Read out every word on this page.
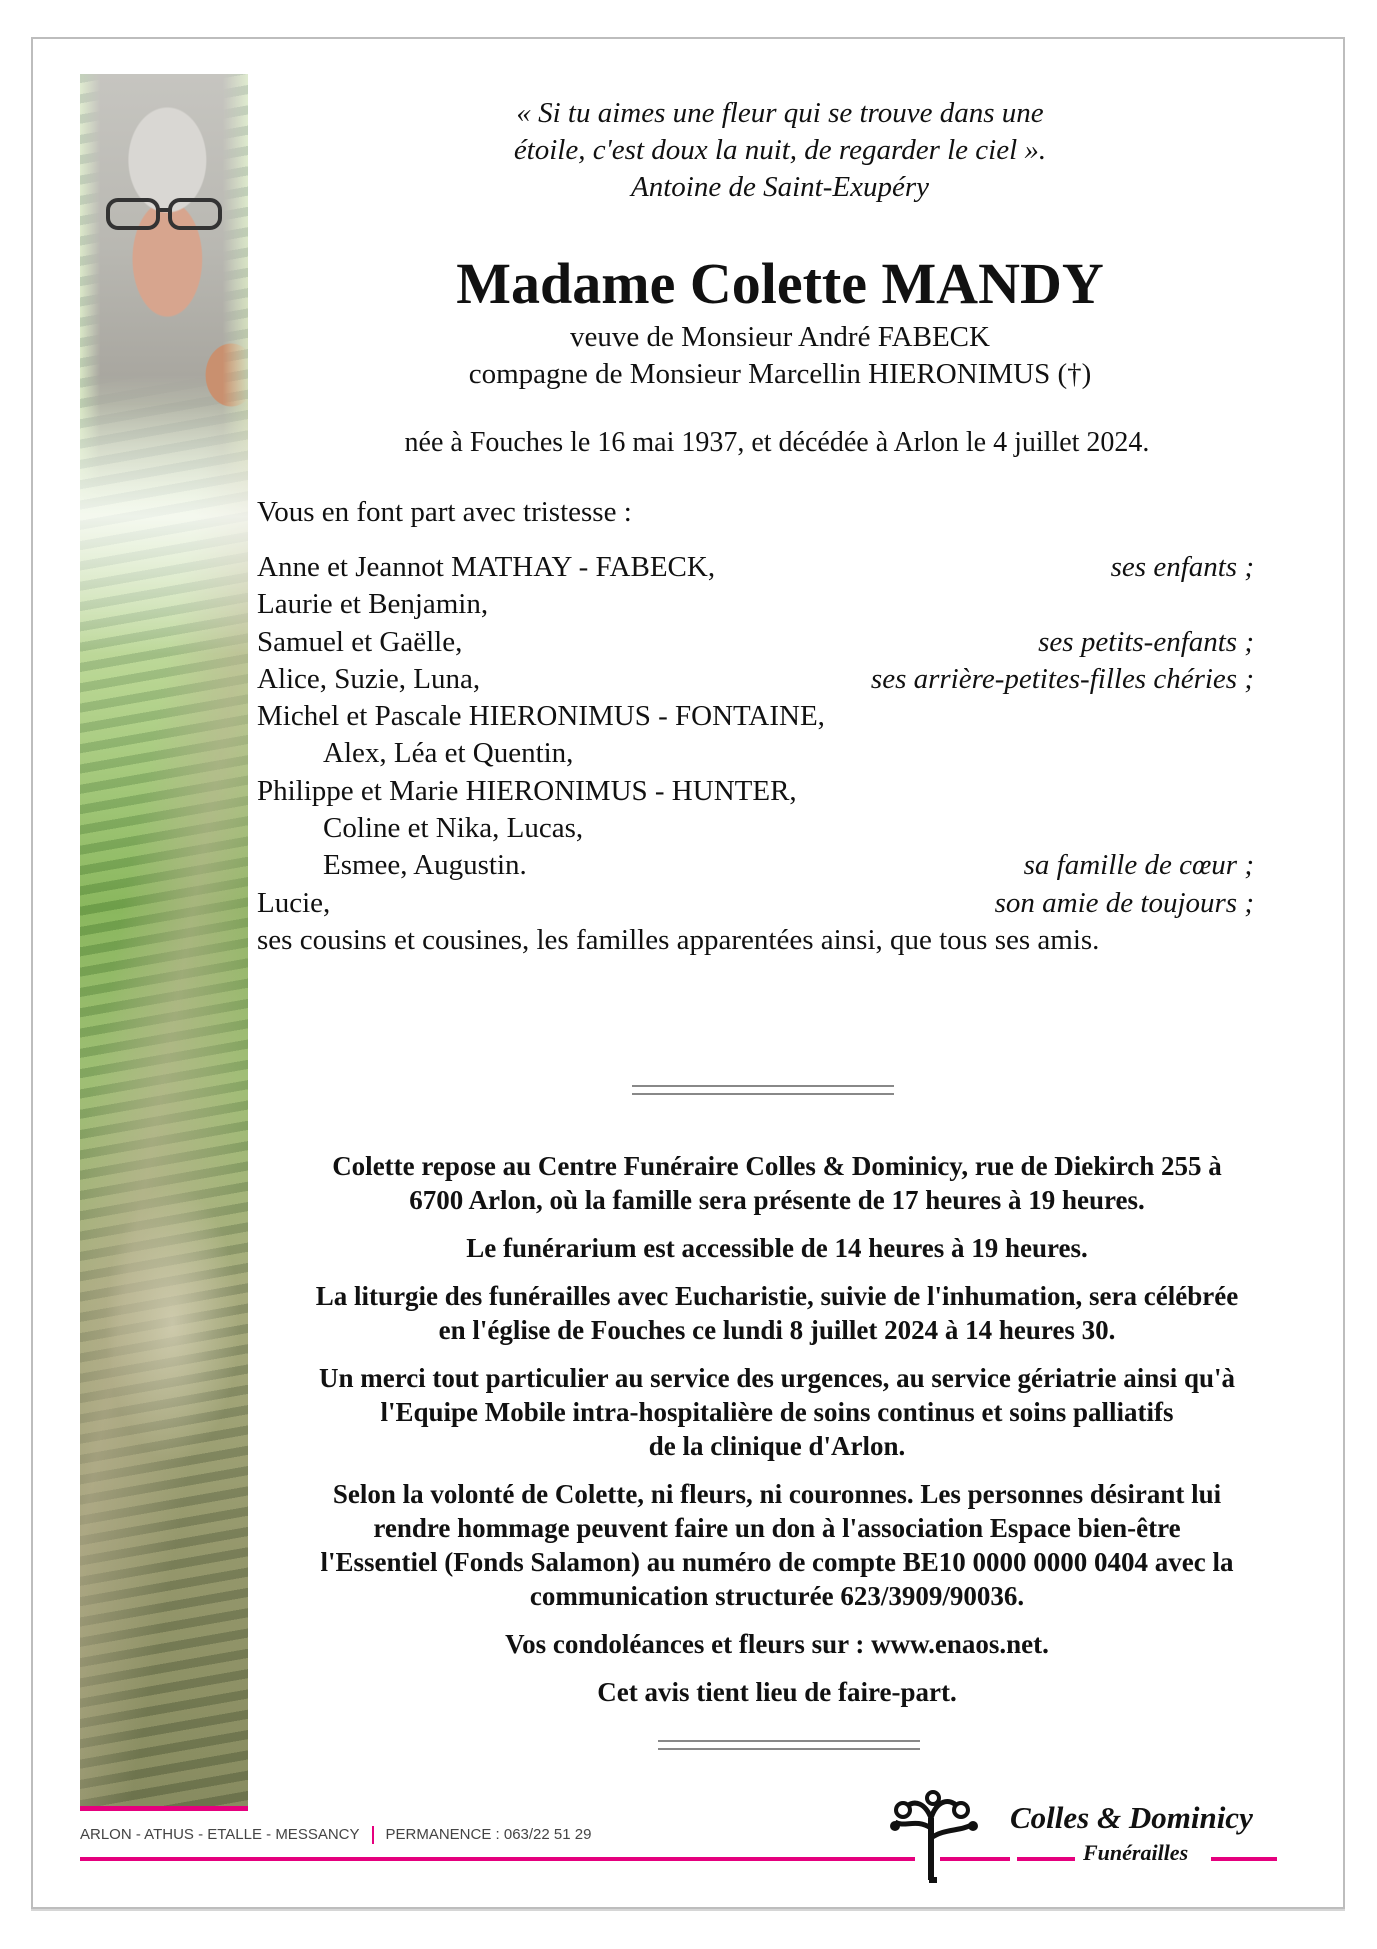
« Si tu aimes une fleur qui se trouve dans une
étoile, c'est doux la nuit, de regarder le ciel ».
Antoine de Saint-Exupéry
Madame Colette MANDY
veuve de Monsieur André FABECK
compagne de Monsieur Marcellin HIERONIMUS (†)
née à Fouches le 16 mai 1937, et décédée à Arlon le 4 juillet 2024.
Vous en font part avec tristesse :
Anne et Jeannot MATHAY - FABECK,	ses enfants ;
Laurie et Benjamin,
Samuel et Gaëlle,	ses petits-enfants ;
Alice, Suzie, Luna,	ses arrière-petites-filles chéries ;
Michel et Pascale HIERONIMUS - FONTAINE,
Alex, Léa et Quentin,
Philippe et Marie HIERONIMUS - HUNTER,
Coline et Nika, Lucas,
Esmee, Augustin.	sa famille de cœur ;
Lucie,	son amie de toujours ;
ses cousins et cousines, les familles apparentées ainsi, que tous ses amis.

Colette repose au Centre Funéraire Colles & Dominicy, rue de Diekirch 255 à
6700 Arlon, où la famille sera présente de 17 heures à 19 heures.

Le funérarium est accessible de 14 heures à 19 heures.

La liturgie des funérailles avec Eucharistie, suivie de l'inhumation, sera célébrée
en l'église de Fouches ce lundi 8 juillet 2024 à 14 heures 30.

Un merci tout particulier au service des urgences, au service gériatrie ainsi qu'à
l'Equipe Mobile intra-hospitalière de soins continus et soins palliatifs
de la clinique d'Arlon.

Selon la volonté de Colette, ni fleurs, ni couronnes. Les personnes désirant lui
rendre hommage peuvent faire un don à l'association Espace bien-être
l'Essentiel (Fonds Salamon) au numéro de compte BE10 0000 0000 0404 avec la
communication structurée 623/3909/90036.

Vos condoléances et fleurs sur : www.enaos.net.

Cet avis tient lieu de faire-part.

ARLON - ATHUS - ETALLE - MESSANCY PERMANENCE : 063/22 51 29	Colles & Dominicy
Funérailles
